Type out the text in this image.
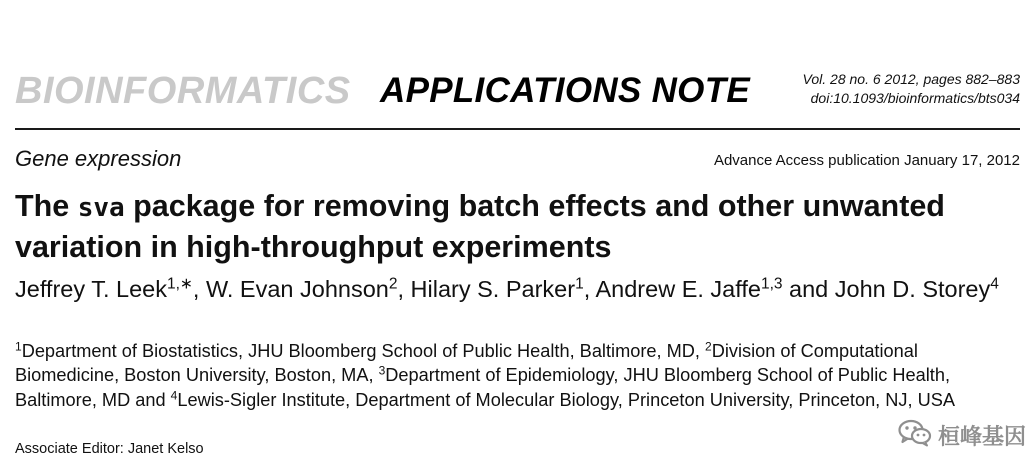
BIOINFORMATICS APPLICATIONS NOTE	Vol. 28 no. 6 2012, pages 882–883
doi:10.1093/bioinformatics/bts034
Gene expression	Advance Access publication January 17, 2012
The sva package for removing batch effects and other unwanted variation in high-throughput experiments
Jeffrey T. Leek$^{1,∗}$, W. Evan Johnson$^2$, Hilary S. Parker$^1$, Andrew E. Jaffe$^{1,3}$ and John D. Storey$^4$
$^1$Department of Biostatistics, JHU Bloomberg School of Public Health, Baltimore, MD, $^2$Division of Computational Biomedicine, Boston University, Boston, MA, $^3$Department of Epidemiology, JHU Bloomberg School of Public Health, Baltimore, MD and $^4$Lewis-Sigler Institute, Department of Molecular Biology, Princeton University, Princeton, NJ, USA
Associate Editor: Janet Kelso	桓峰基因
